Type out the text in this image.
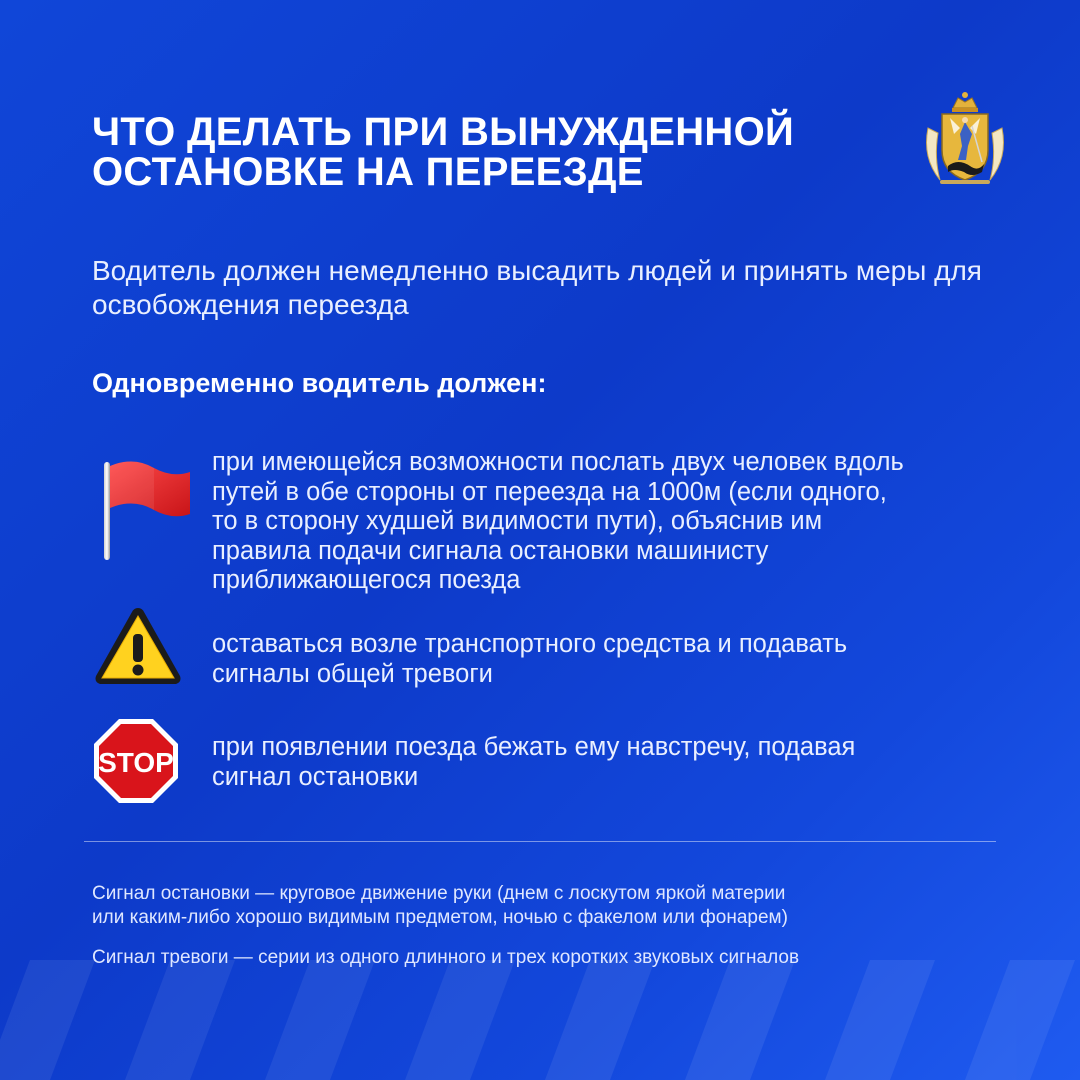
ЧТО ДЕЛАТЬ ПРИ ВЫНУЖДЕННОЙ
ОСТАНОВКЕ НА ПЕРЕЕЗДЕ

Водитель должен немедленно высадить людей и принять меры для освобождения переезда

Одновременно водитель должен:

при имеющейся возможности послать двух человек вдоль
путей в обе стороны от переезда на 1000м (если одного,
то в сторону худшей видимости пути), объяснив им
правила подачи сигнала остановки машинисту
приближающегося поезда

оставаться возле транспортного средства и подавать
сигналы общей тревоги

STOP при появлении поезда бежать ему навстречу, подавая
сигнал остановки

Сигнал остановки — круговое движение руки (днем с лоскутом яркой материи
или каким-либо хорошо видимым предметом, ночью с факелом или фонарем)

Сигнал тревоги — серии из одного длинного и трех коротких звуковых сигналов
